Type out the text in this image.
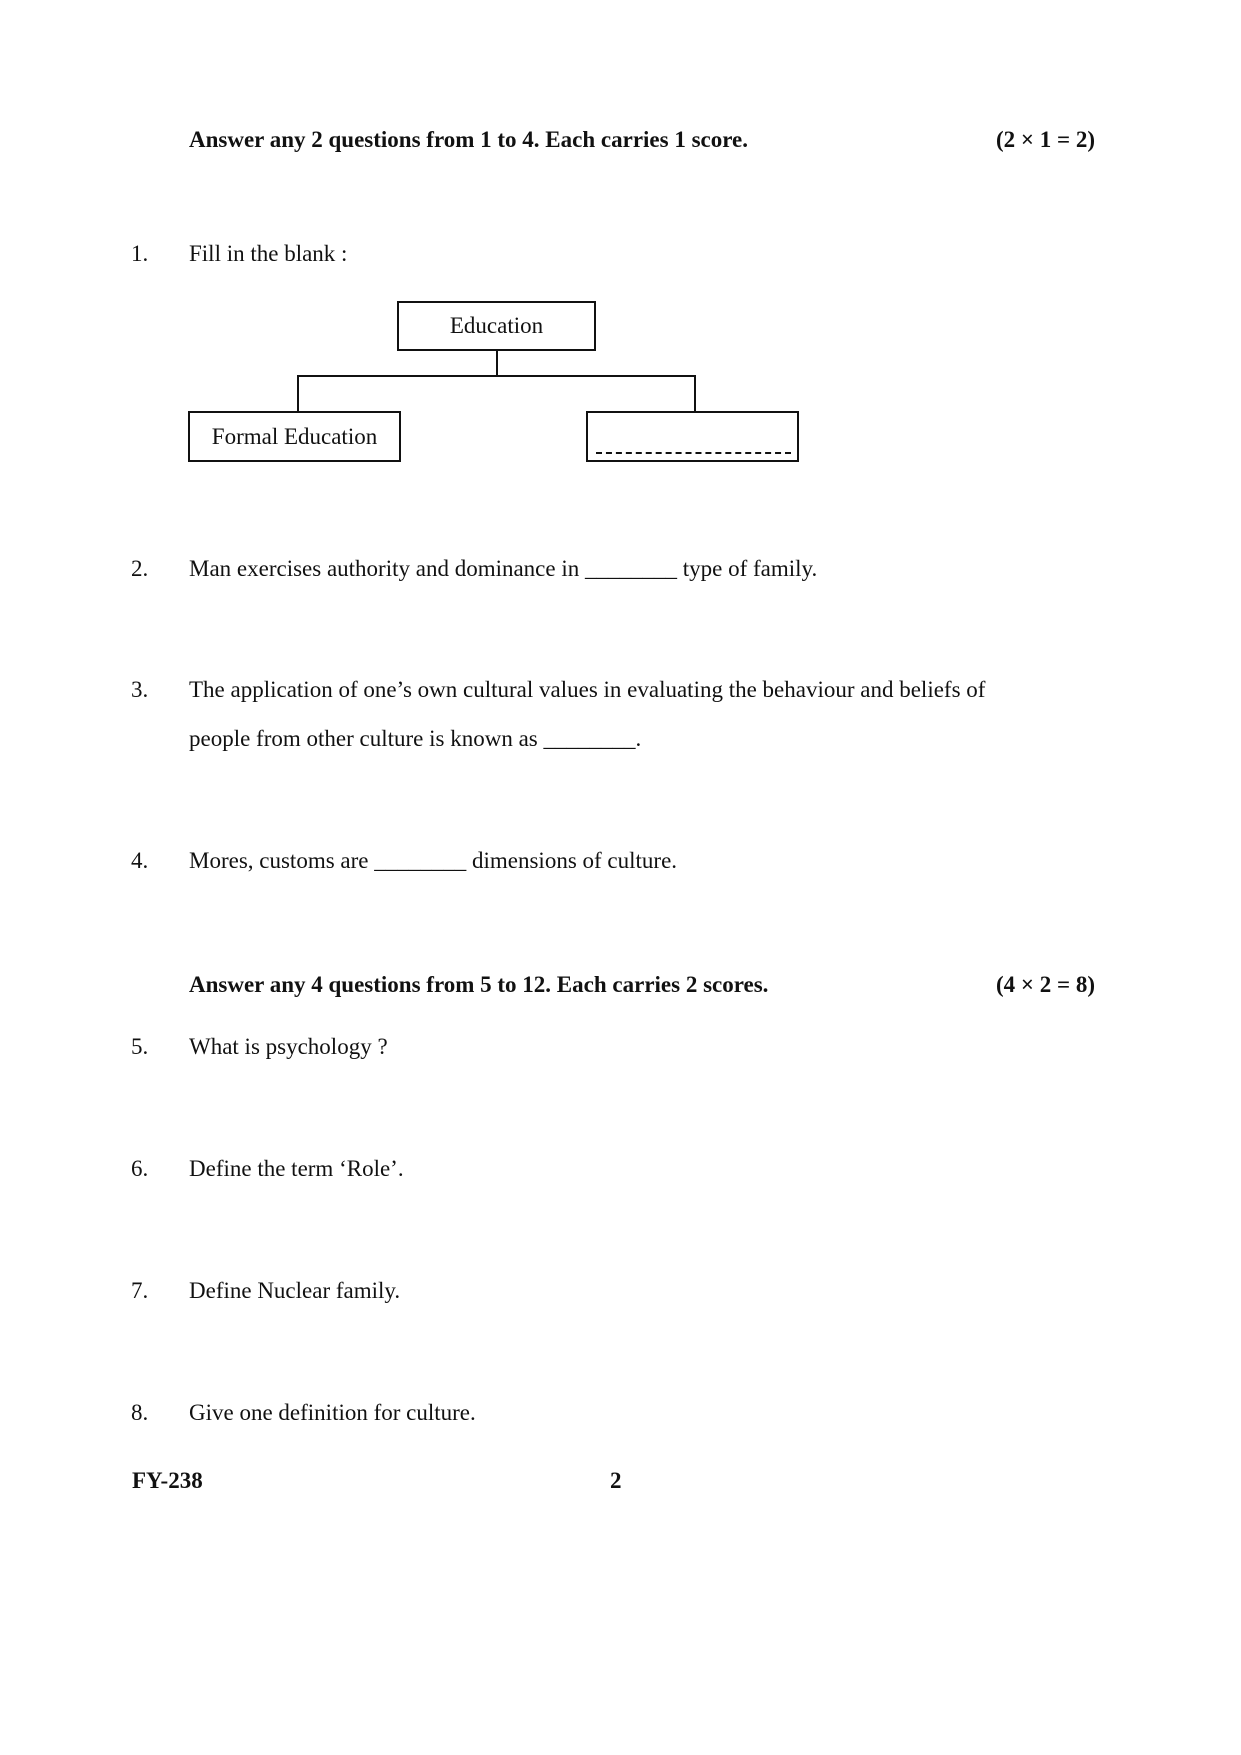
Answer any 2 questions from 1 to 4. Each carries 1 score.	(2 × 1 = 2)
1. Fill in the blank :
Education
Formal Education
2. Man exercises authority and dominance in ________ type of family.
3. The application of one’s own cultural values in evaluating the behaviour and beliefs of
people from other culture is known as ________.
4. Mores, customs are ________ dimensions of culture.
Answer any 4 questions from 5 to 12. Each carries 2 scores.	(4 × 2 = 8)
5. What is psychology ?
6. Define the term ‘Role’.
7. Define Nuclear family.
8. Give one definition for culture.
FY-238	2
